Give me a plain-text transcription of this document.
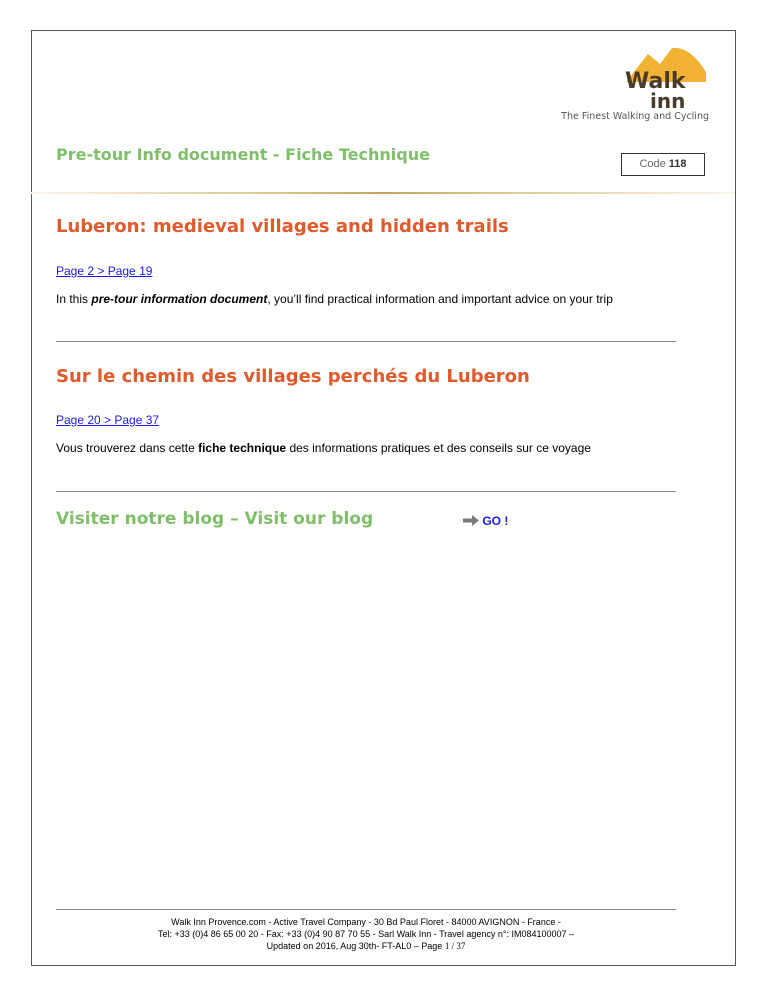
Walk
inn
The Finest Walking and Cycling
Pre-tour Info document - Fiche Technique	Code 118
Luberon: medieval villages and hidden trails
Page 2 > Page 19
In this pre-tour information document, you’ll find practical information and important advice on your trip
Sur le chemin des villages perchés du Luberon
Page 20 > Page 37
Vous trouverez dans cette fiche technique des informations pratiques et des conseils sur ce voyage
Visiter notre blog – Visit our blog	GO !
Walk Inn Provence.com - Active Travel Company - 30 Bd Paul Floret - 84000 AVIGNON - France -
Tel: +33 (0)4 86 65 00 20 - Fax: +33 (0)4 90 87 70 55 - Sarl Walk Inn - Travel agency n°: IM084100007 –
Updated on 2016, Aug 30th- FT-AL0 – Page 1 / 37
